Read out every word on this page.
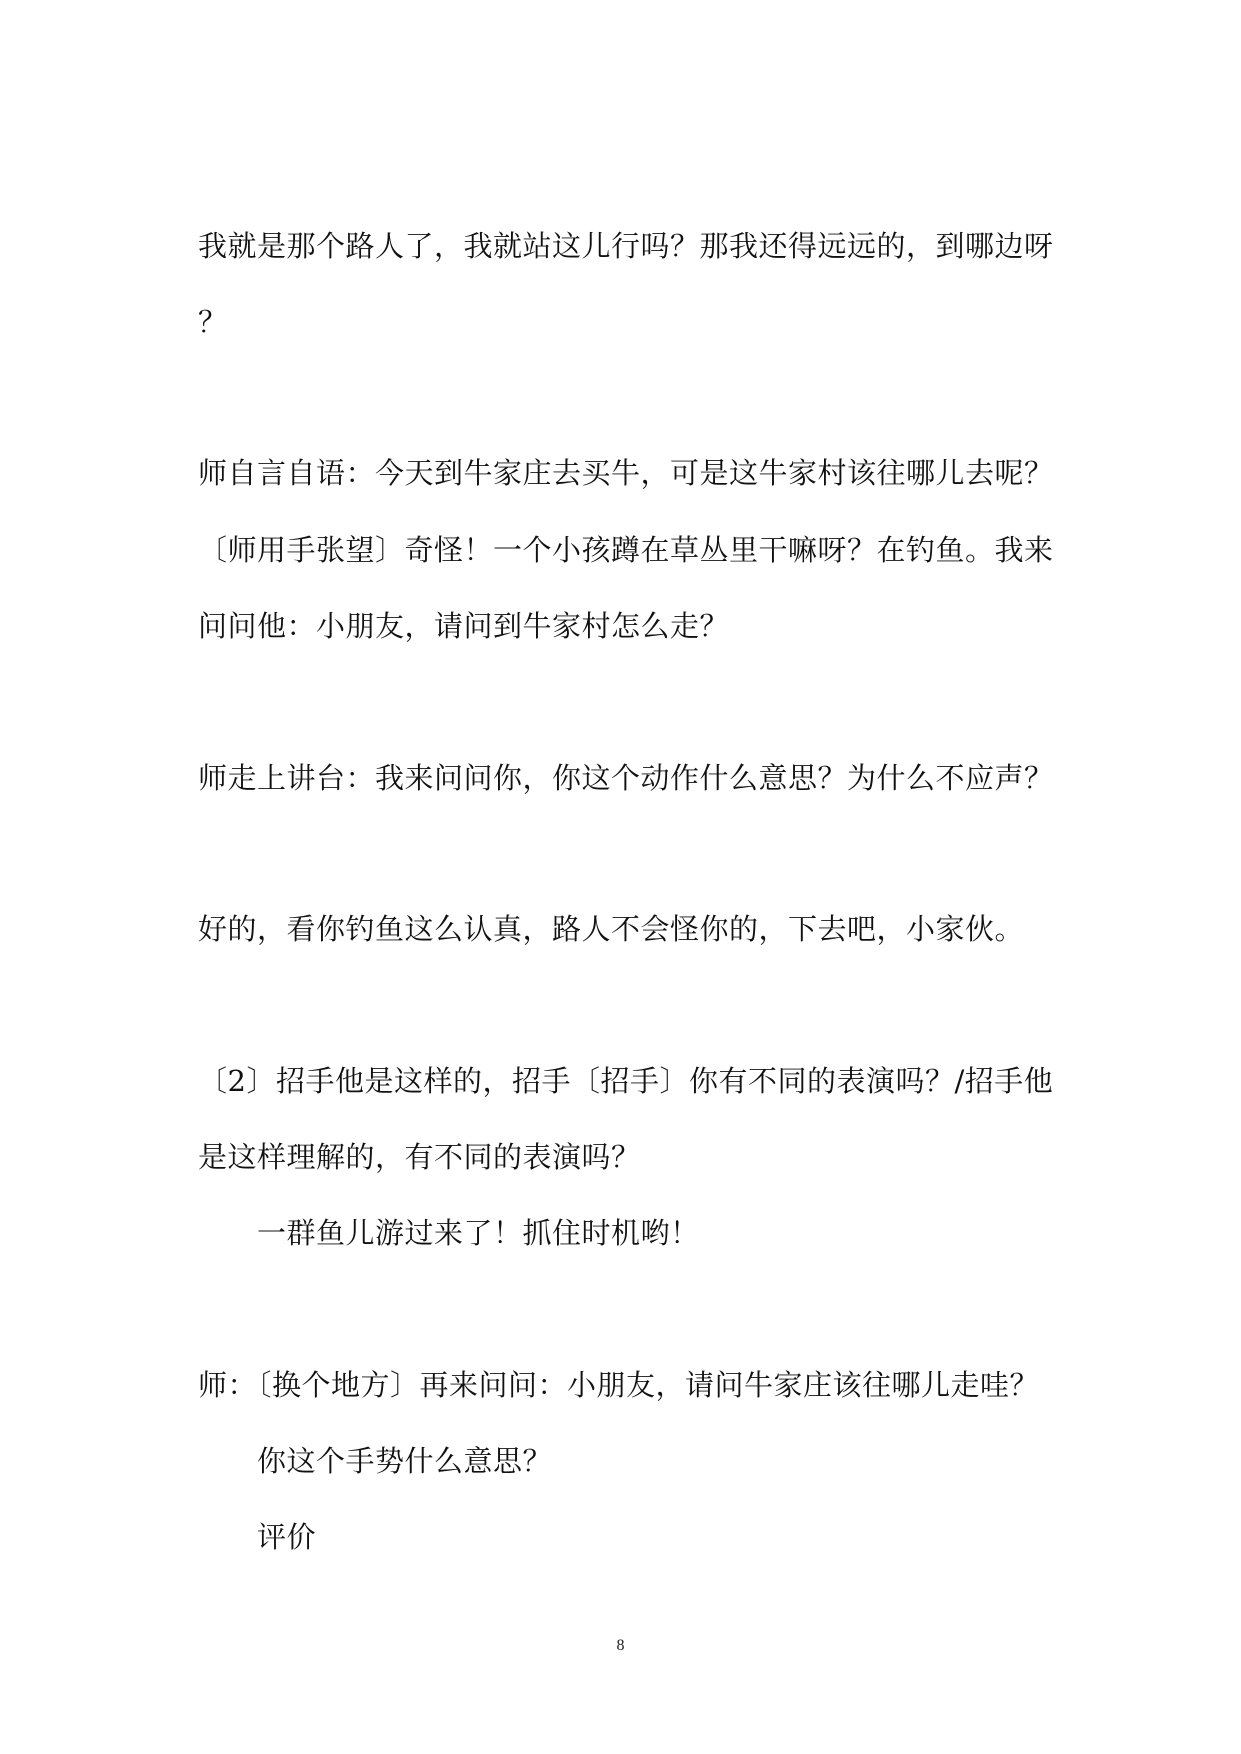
我就是那个路人了，我就站这儿行吗？那我还得远远的，到哪边呀
？
师自言自语：今天到牛家庄去买牛，可是这牛家村该往哪儿去呢？
〔师用手张望〕奇怪！一个小孩蹲在草丛里干嘛呀？在钓鱼。我来
问问他：小朋友，请问到牛家村怎么走？
师走上讲台：我来问问你，你这个动作什么意思？为什么不应声？
好的，看你钓鱼这么认真，路人不会怪你的，下去吧，小家伙。
〔2〕招手他是这样的，招手〔招手〕你有不同的表演吗？/招手他
是这样理解的，有不同的表演吗？
一群鱼儿游过来了！抓住时机哟！
师：〔换个地方〕再来问问：小朋友，请问牛家庄该往哪儿走哇？
你这个手势什么意思？
评价
8
